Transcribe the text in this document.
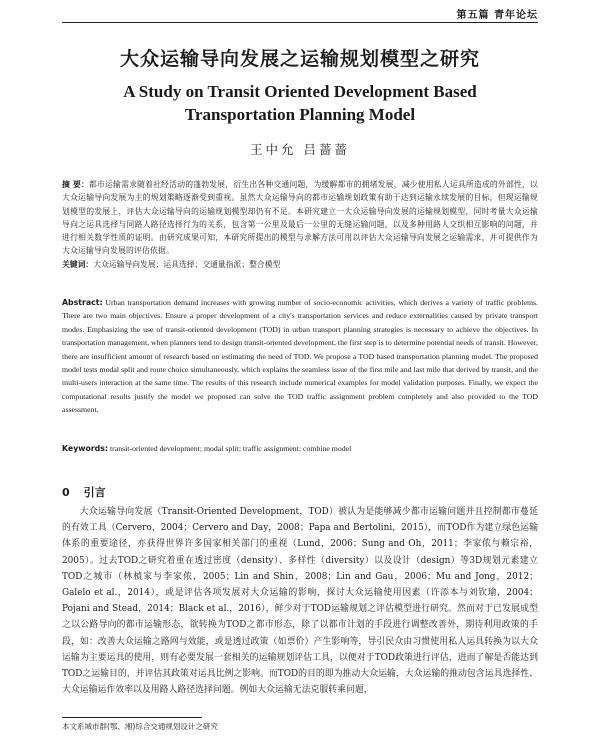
第五篇 青年论坛
大众运输导向发展之运输规划模型之研究
A Study on Transit Oriented Development Based Transportation Planning Model
王中允 吕蔷蔷
摘 要：都市运输需求随着社经活动的蓬勃发展，衍生出各种交通问题，为缓解都市的拥堵发展，减少使用私人运具所造成的外部性，以大众运输导向发展为主的规划策略逐渐受到重视。虽然大众运输导向的都市运输规划政策有助于达到运输永续发展的目标，但现运输规划模型的发展上，评估大众运输导向的运输规划模型却仍有不足。本研究建立一大众运输导向发展的运输规划模型，同时考量大众运输导向之运具选择与同路人路径选择行为的关系，包含第一公里及最后一公里的无缝运输问题，以及多种用路人交织相互影响的问题，并进行相关数学性质的证明。由研究成果可知，本研究所提出的模型与求解方法可用以评估大众运输导向发展之运输需求，并可提供作为大众运输导向发展的评估依据。
关键词：大众运输导向发展；运具选择；交通量指派；整合模型
Abstract: Urban transportation demand increases with growing number of socio-economic activities, which derives a variety of traffic problems. There are two main objectives. Ensure a proper development of a city's transportation services and reduce externalities caused by private transport modes. Emphasizing the use of transit-oriented development (TOD) in urban transport planning strategies is necessary to achieve the objectives. In transportation management, when planners tend to design transit-oriented development, the first step is to determine potential needs of transit. However, there are insufficient amount of research based on estimating the need of TOD. We propose a TOD based transportation planning model. The proposed model tests modal split and route choice simultaneously, which explains the seamless issue of the first mile and last mile that derived by transit, and the multi-users interaction at the same time. The results of this research include numerical examples for model validation purposes. Finally, we expect the computational results justify the model we proposed can solve the TOD traffic assignment problem completely and also provided to the TOD assessment.
Keywords: transit-oriented development; modal split; traffic assignment; combine model
0 引言

大众运输导向发展（Transit-Oriented Development，TOD）被认为是能够减少都市运输问题并且控制都市蔓延的有效工具（Cervero，2004；Cervero and Day，2008；Papa and Bertolini，2015），而TOD作为建立绿色运输体系的重要途径，亦获得世界许多国家相关部门的重视（Lund，2006；Sung and Oh，2011；李家侬与赖宗裕，2005）。过去TOD之研究着重在透过密度（density）、多样性（diversity）以及设计（design）等3D规划元素建立TOD之城市（林楨家与李家侬，2005；Lin and Shin，2008；Lin and Gau，2006；Mu and Jong，2012；Galelo et al.，2014），或是评估各项发展对大众运输的影响，探讨大众运输使用因素（许添本与刘钦瑜，2004；Pojani and Stead，2014；Black et al.，2016），鲜少对于TOD运输规划之评估模型进行研究。然而对于已发展成型之以公路导向的都市运输形态，欲转换为TOD之都市形态，除了以都市计划的手段进行调整改善外，期待利用政策的手段，如：改善大众运输之路网与效能，或是透过政策（如票价）产生影响等，导引民众由习惯使用私人运具转换为以大众运输为主要运具的使用，则有必要发展一套相关的运输规划评估工具，以便对于TOD政策进行评估，进而了解是否能达到TOD之运输目的，并评估其政策对运具比例之影响。而TOD的目的即为推动大众运输，大众运输的推动包含运具选择性、大众运输运作效率以及用路人路径选择问题。例如大众运输无法克服转乘问题，

本文系城市群(鄂、湘)综合交通规划设计之研究
